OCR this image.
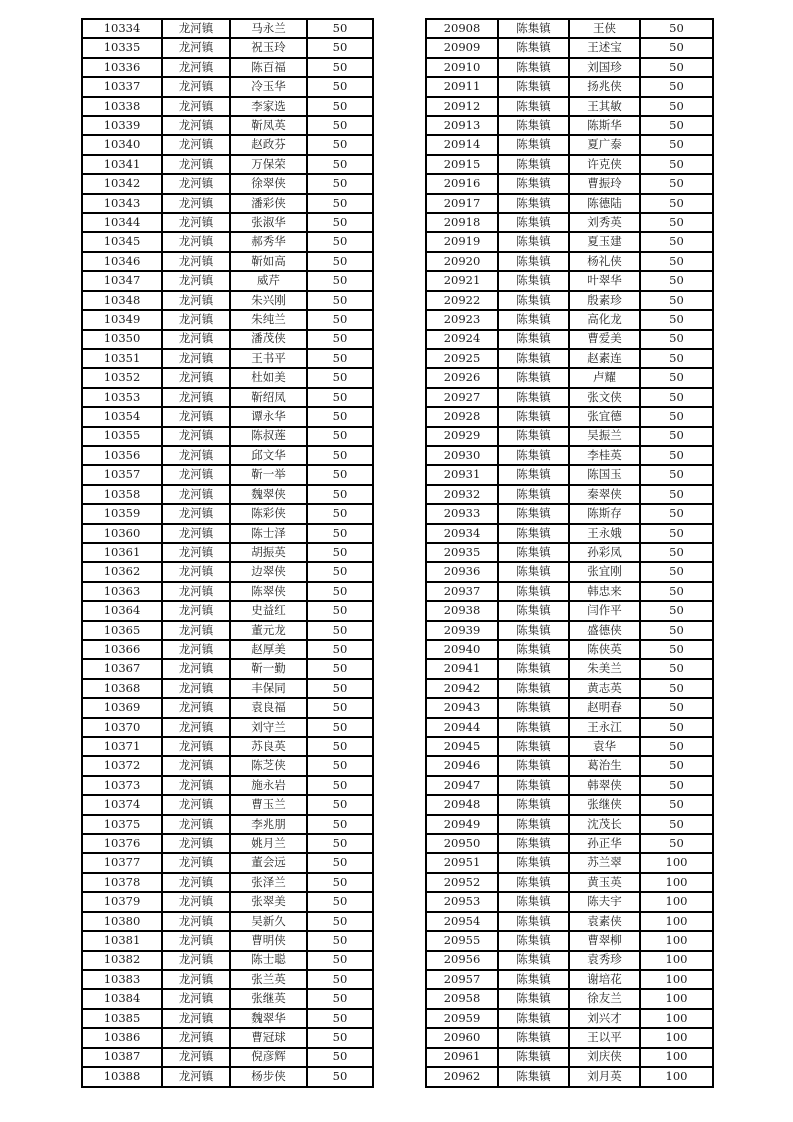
10334	龙河镇	马永兰	50
10335	龙河镇	祝玉玲	50
10336	龙河镇	陈百福	50
10337	龙河镇	冷玉华	50
10338	龙河镇	李家选	50
10339	龙河镇	靳凤英	50
10340	龙河镇	赵政芬	50
10341	龙河镇	万保荣	50
10342	龙河镇	徐翠侠	50
10343	龙河镇	潘彩侠	50
10344	龙河镇	张淑华	50
10345	龙河镇	郝秀华	50
10346	龙河镇	靳如高	50
10347	龙河镇	威芹	50
10348	龙河镇	朱兴刚	50
10349	龙河镇	朱纯兰	50
10350	龙河镇	潘茂侠	50
10351	龙河镇	王书平	50
10352	龙河镇	杜如美	50
10353	龙河镇	靳绍凤	50
10354	龙河镇	谭永华	50
10355	龙河镇	陈叔莲	50
10356	龙河镇	邱文华	50
10357	龙河镇	靳一举	50
10358	龙河镇	魏翠侠	50
10359	龙河镇	陈彩侠	50
10360	龙河镇	陈士泽	50
10361	龙河镇	胡振英	50
10362	龙河镇	边翠侠	50
10363	龙河镇	陈翠侠	50
10364	龙河镇	史益红	50
10365	龙河镇	董元龙	50
10366	龙河镇	赵厚美	50
10367	龙河镇	靳一勤	50
10368	龙河镇	丰保同	50
10369	龙河镇	袁良福	50
10370	龙河镇	刘守兰	50
10371	龙河镇	苏良英	50
10372	龙河镇	陈芝侠	50
10373	龙河镇	施永岩	50
10374	龙河镇	曹玉兰	50
10375	龙河镇	李兆朋	50
10376	龙河镇	姚月兰	50
10377	龙河镇	董会远	50
10378	龙河镇	张泽兰	50
10379	龙河镇	张翠美	50
10380	龙河镇	吴新久	50
10381	龙河镇	曹明侠	50
10382	龙河镇	陈士聪	50
10383	龙河镇	张兰英	50
10384	龙河镇	张继英	50
10385	龙河镇	魏翠华	50
10386	龙河镇	曹冠球	50
10387	龙河镇	倪彦辉	50
10388	龙河镇	杨步侠	50
20908	陈集镇	王侠	50
20909	陈集镇	王述宝	50
20910	陈集镇	刘国珍	50
20911	陈集镇	扬兆侠	50
20912	陈集镇	王其敏	50
20913	陈集镇	陈斯华	50
20914	陈集镇	夏广泰	50
20915	陈集镇	许克侠	50
20916	陈集镇	曹振玲	50
20917	陈集镇	陈德陆	50
20918	陈集镇	刘秀英	50
20919	陈集镇	夏玉建	50
20920	陈集镇	杨礼侠	50
20921	陈集镇	叶翠华	50
20922	陈集镇	殷素珍	50
20923	陈集镇	高化龙	50
20924	陈集镇	曹爱美	50
20925	陈集镇	赵素连	50
20926	陈集镇	卢耀	50
20927	陈集镇	张文侠	50
20928	陈集镇	张宜德	50
20929	陈集镇	吴振兰	50
20930	陈集镇	李桂英	50
20931	陈集镇	陈国玉	50
20932	陈集镇	秦翠侠	50
20933	陈集镇	陈斯存	50
20934	陈集镇	王永娥	50
20935	陈集镇	孙彩凤	50
20936	陈集镇	张宜刚	50
20937	陈集镇	韩忠来	50
20938	陈集镇	闫作平	50
20939	陈集镇	盛德侠	50
20940	陈集镇	陈侠英	50
20941	陈集镇	朱美兰	50
20942	陈集镇	黄志英	50
20943	陈集镇	赵明春	50
20944	陈集镇	王永江	50
20945	陈集镇	袁华	50
20946	陈集镇	葛治生	50
20947	陈集镇	韩翠侠	50
20948	陈集镇	张继侠	50
20949	陈集镇	沈茂长	50
20950	陈集镇	孙正华	50
20951	陈集镇	苏兰翠	100
20952	陈集镇	黄玉英	100
20953	陈集镇	陈夫宇	100
20954	陈集镇	袁素侠	100
20955	陈集镇	曹翠柳	100
20956	陈集镇	袁秀珍	100
20957	陈集镇	谢培花	100
20958	陈集镇	徐友兰	100
20959	陈集镇	刘兴才	100
20960	陈集镇	王以平	100
20961	陈集镇	刘庆侠	100
20962	陈集镇	刘月英	100
